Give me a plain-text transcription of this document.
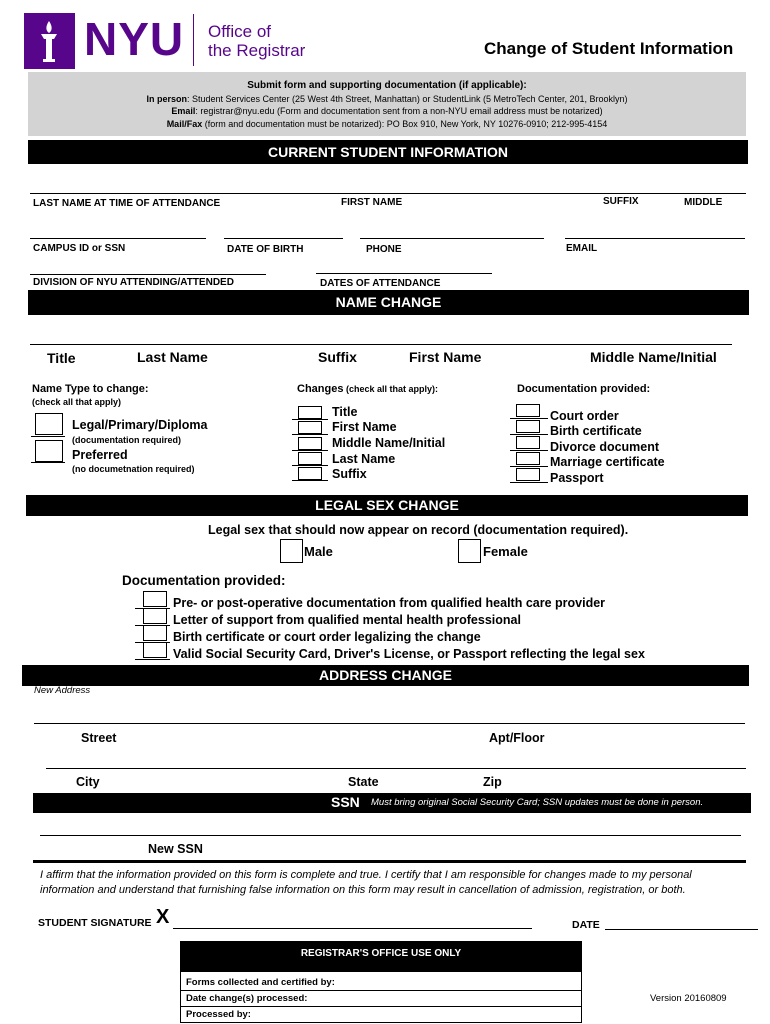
NYU Office of
the Registrar	Change of Student Information
Submit form and supporting documentation (if applicable):
In person: Student Services Center (25 West 4th Street, Manhattan) or StudentLink (5 MetroTech Center, 201, Brooklyn)
Email: registrar@nyu.edu (Form and documentation sent from a non-NYU email address must be notarized)
Mail/Fax (form and documentation must be notarized): PO Box 910, New York, NY 10276-0910; 212-995-4154
CURRENT STUDENT INFORMATION
LAST NAME AT TIME OF ATTENDANCE	FIRST NAME	SUFFIX	MIDDLE
CAMPUS ID or SSN	DATE OF BIRTH	PHONE	EMAIL
DIVISION OF NYU ATTENDING/ATTENDED	DATES OF ATTENDANCE
NAME CHANGE
Title	Last Name	Suffix	First Name	Middle Name/Initial
Name Type to change:
(check all that apply)
Legal/Primary/Diploma
(documentation required)
Preferred
(no documetnation required)
Changes (check all that apply):
Title
First Name
Middle Name/Initial
Last Name
Suffix
Documentation provided:
Court order
Birth certificate
Divorce document
Marriage certificate
Passport
LEGAL SEX CHANGE
Legal sex that should now appear on record (documentation required).
Male	Female
Documentation provided:
Pre- or post-operative documentation from qualified health care provider
Letter of support from qualified mental health professional
Birth certificate or court order legalizing the change
Valid Social Security Card, Driver's License, or Passport reflecting the legal sex
ADDRESS CHANGE
New Address
Street	Apt/Floor
City	State	Zip
SSN Must bring original Social Security Card; SSN updates must be done in person.
New SSN
I affirm that the information provided on this form is complete and true. I certify that I am responsible for changes made to my personal information and understand that furnishing false information on this form may result in cancellation of admission, registration, or both.
STUDENT SIGNATURE X	DATE
REGISTRAR'S OFFICE USE ONLY
Forms collected and certified by:
Date change(s) processed:
Processed by:
Version 20160809
